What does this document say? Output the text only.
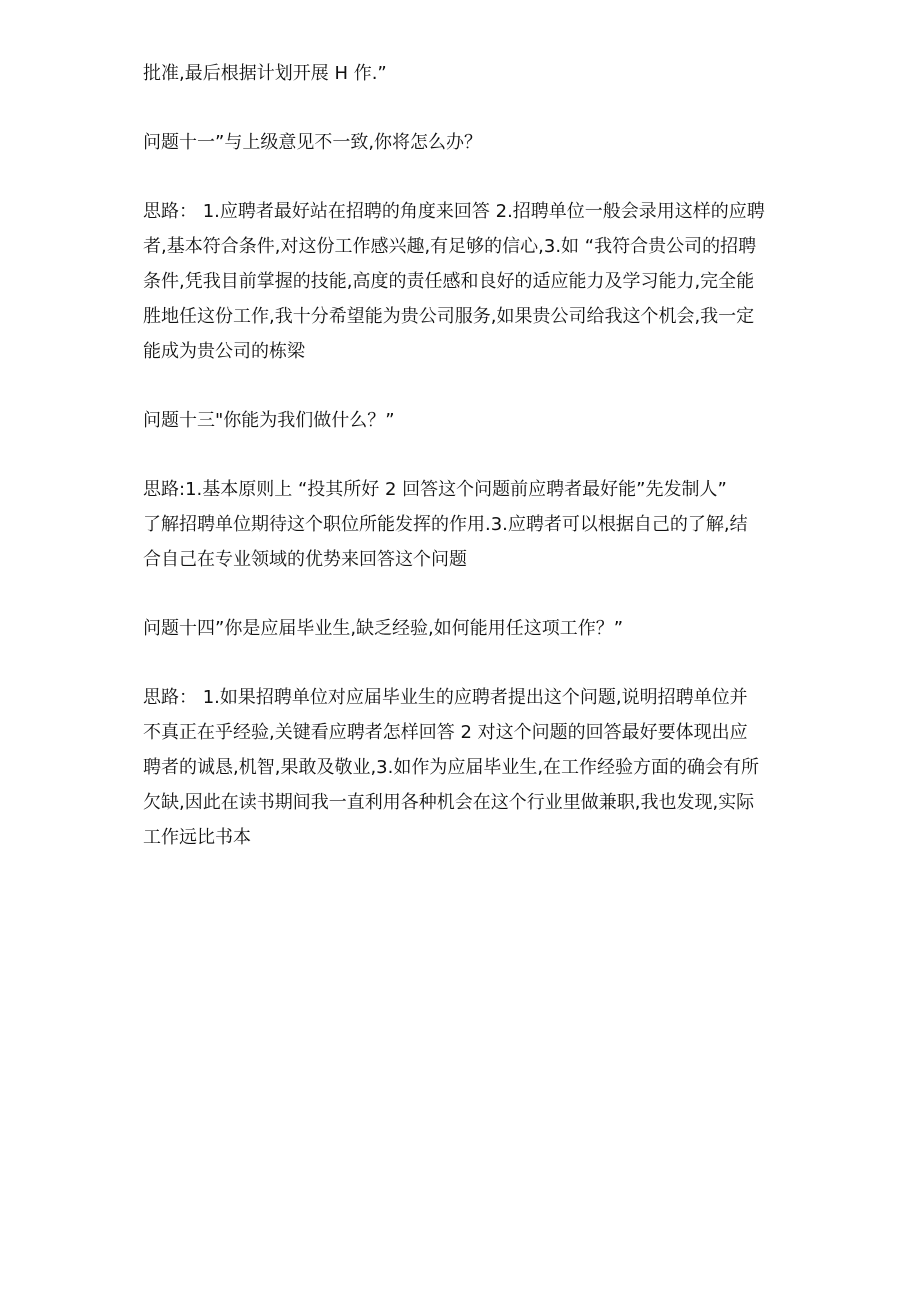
批准,最后根据计划开展 H 作.”
问题十一”与上级意见不一致,你将怎么办？
思路： 1.应聘者最好站在招聘的角度来回答 2.招聘单位一般会录用这样的应聘
者,基本符合条件,对这份工作感兴趣,有足够的信心,3.如 “我符合贵公司的招聘
条件,凭我目前掌握的技能,高度的责任感和良好的适应能力及学习能力,完全能
胜地任这份工作,我十分希望能为贵公司服务,如果贵公司给我这个机会,我一定
能成为贵公司的栋梁
问题十三"你能为我们做什么？”
思路:1.基本原则上 “投其所好 2 回答这个问题前应聘者最好能”先发制人”
了解招聘单位期待这个职位所能发挥的作用.3.应聘者可以根据自己的了解,结
合自己在专业领域的优势来回答这个问题
问题十四”你是应届毕业生,缺乏经验,如何能用任这项工作？”
思路： 1.如果招聘单位对应届毕业生的应聘者提出这个问题,说明招聘单位并
不真正在乎经验,关键看应聘者怎样回答 2 对这个问题的回答最好要体现出应
聘者的诚恳,机智,果敢及敬业,3.如作为应届毕业生,在工作经验方面的确会有所
欠缺,因此在读书期间我一直利用各种机会在这个行业里做兼职,我也发现,实际
工作远比书本
